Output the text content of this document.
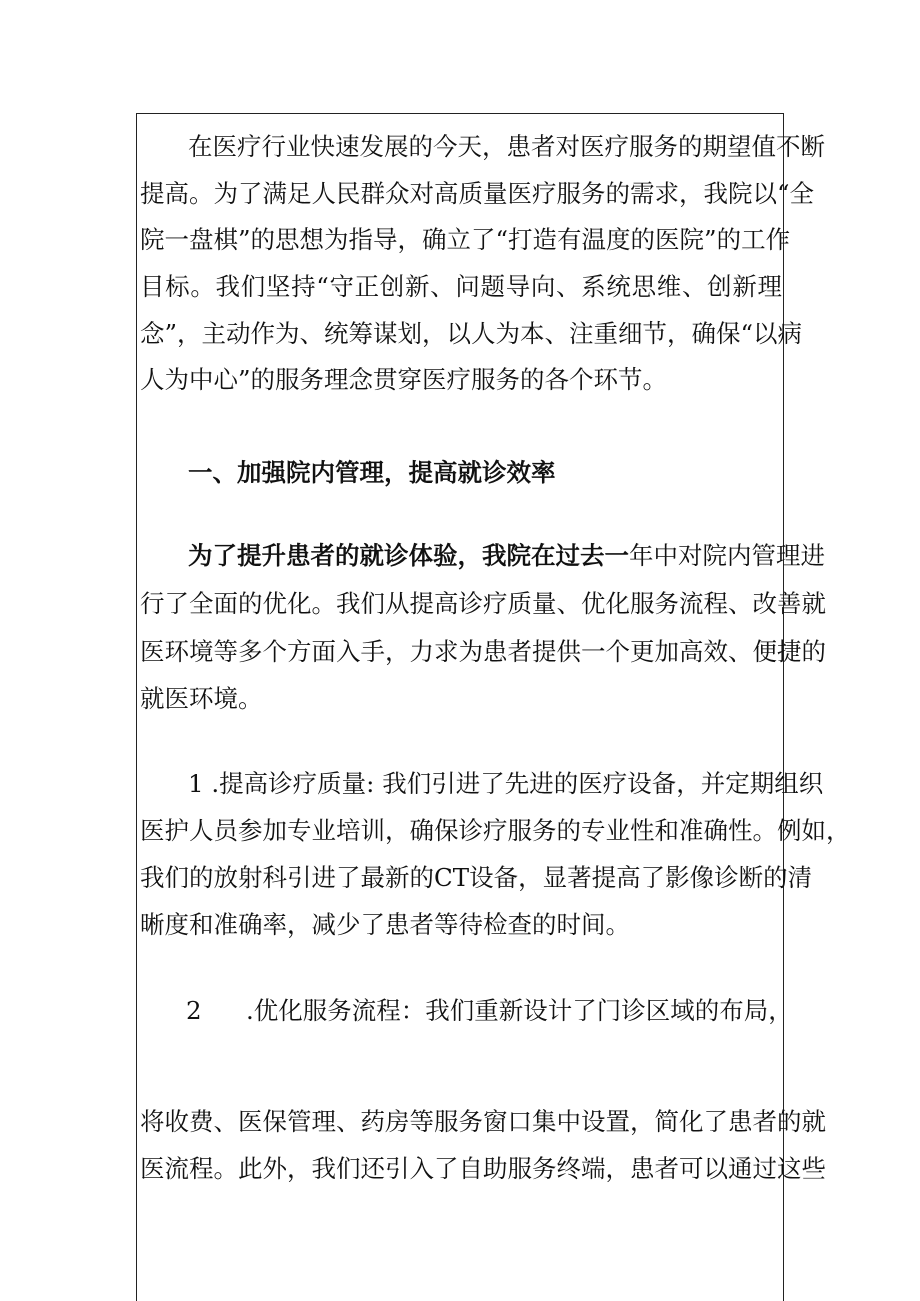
在医疗行业快速发展的今天，患者对医疗服务的期望值不断
提高。为了满足人民群众对高质量医疗服务的需求，我院以“全
院一盘棋”的思想为指导，确立了“打造有温度的医院”的工作
目标。我们坚持“守正创新、问题导向、系统思维、创新理
念”，主动作为、统筹谋划，以人为本、注重细节，确保“以病
人为中心”的服务理念贯穿医疗服务的各个环节。
一、加强院内管理，提高就诊效率
为了提升患者的就诊体验，我院在过去一年中对院内管理进
行了全面的优化。我们从提高诊疗质量、优化服务流程、改善就
医环境等多个方面入手，力求为患者提供一个更加高效、便捷的
就医环境。
1 .提高诊疗质量: 我们引进了先进的医疗设备，并定期组织
医护人员参加专业培训，确保诊疗服务的专业性和准确性。例如，
我们的放射科引进了最新的CT设备，显著提高了影像诊断的清
晰度和准确率，减少了患者等待检查的时间。
2 .优化服务流程：我们重新设计了门诊区域的布局，
将收费、医保管理、药房等服务窗口集中设置，简化了患者的就
医流程。此外，我们还引入了自助服务终端，患者可以通过这些
